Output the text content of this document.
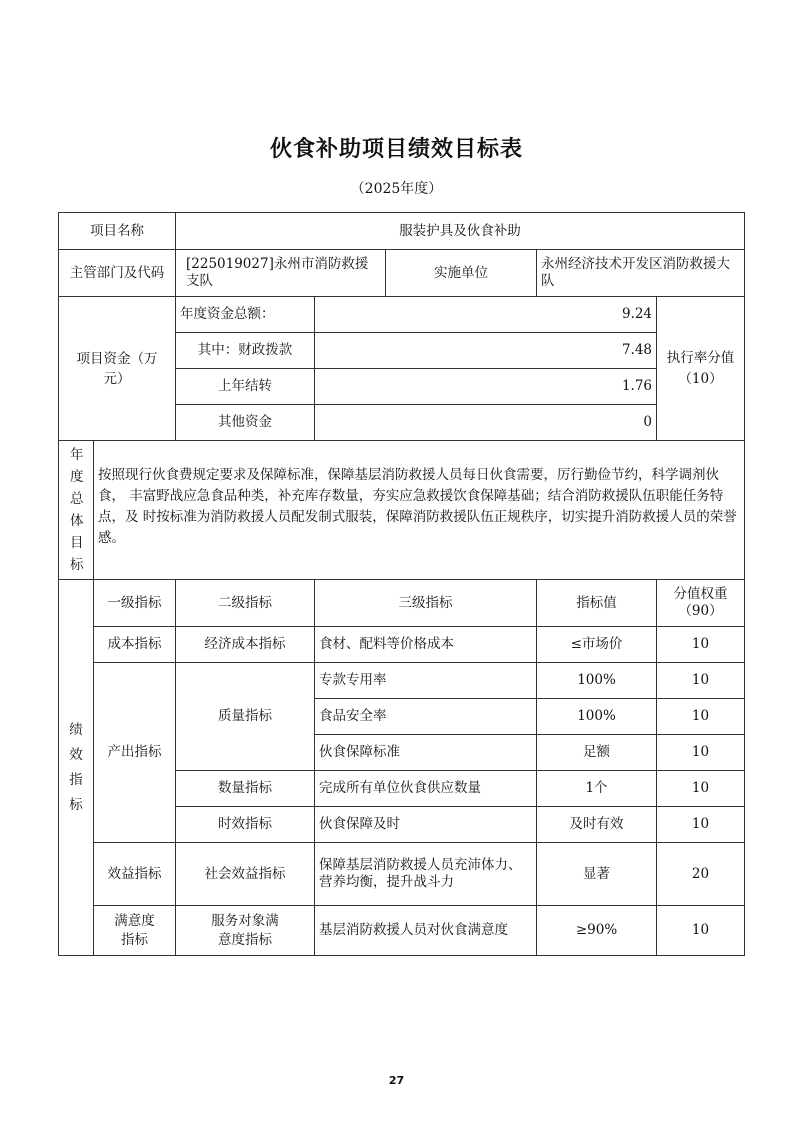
伙食补助项目绩效目标表
（2025年度）
项目名称		服装护具及伙食补助				
主管部门及代码		[225019027]永州市消防救援支队		实施单位	永州经济技术开发区消防救援大队	

项目资金（万元）		年度资金总额：	9.24			执行率分值（10）

		其中：财政拨款	7.48			
		上年结转	1.76			
		其他资金	0			

年度总体目标	按照现行伙食费规定要求及保障标准，保障基层消防救援人员每日伙食需要，厉行勤俭节约，科学调剂伙食， 丰富野战应急食品种类，补充库存数量，夯实应急救援饮食保障基础；结合消防救援队伍职能任务特点，及 时按标准为消防救援人员配发制式服装，保障消防救援队伍正规秩序，切实提升消防救援人员的荣誉感。					

绩效指标	一级指标	二级指标	三级指标		指标值	分值权重（90）

	成本指标	经济成本指标	食材、配料等价格成本		≤市场价	10
	产出指标	质量指标	专款专用率		100%	10
			食品安全率		100%	10
			伙食保障标准		足额	10
		数量指标	完成所有单位伙食供应数量		1个	10
		时效指标	伙食保障及时		及时有效	10
	效益指标	社会效益指标	保障基层消防救援人员充沛体力、营养均衡，提升战斗力		显著	20

	满意度指标	服务对象满意度指标	基层消防救援人员对伙食满意度		≥90%	10
27
